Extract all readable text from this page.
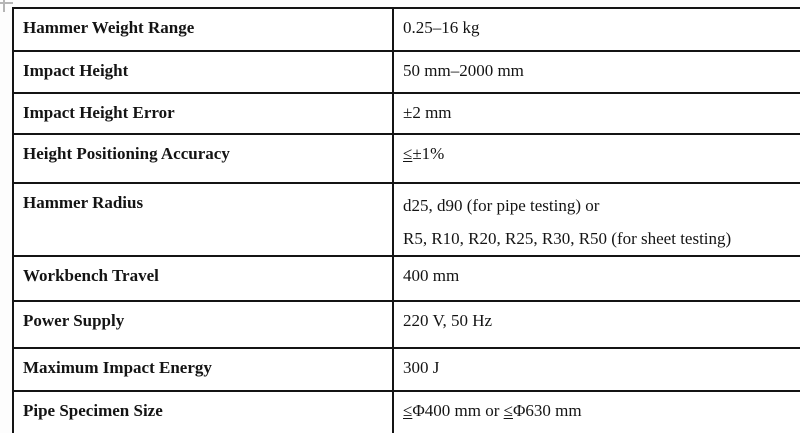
Hammer Weight Range	0.25–16 kg
Impact Height	50 mm–2000 mm
Impact Height Error	±2 mm
Height Positioning Accuracy	≤±1%
Hammer Radius	d25, d90 (for pipe testing) or
R5, R10, R20, R25, R30, R50 (for sheet testing)
Workbench Travel	400 mm
Power Supply	220 V, 50 Hz
Maximum Impact Energy	300 J
Pipe Specimen Size	≤Φ400 mm or ≤Φ630 mm
